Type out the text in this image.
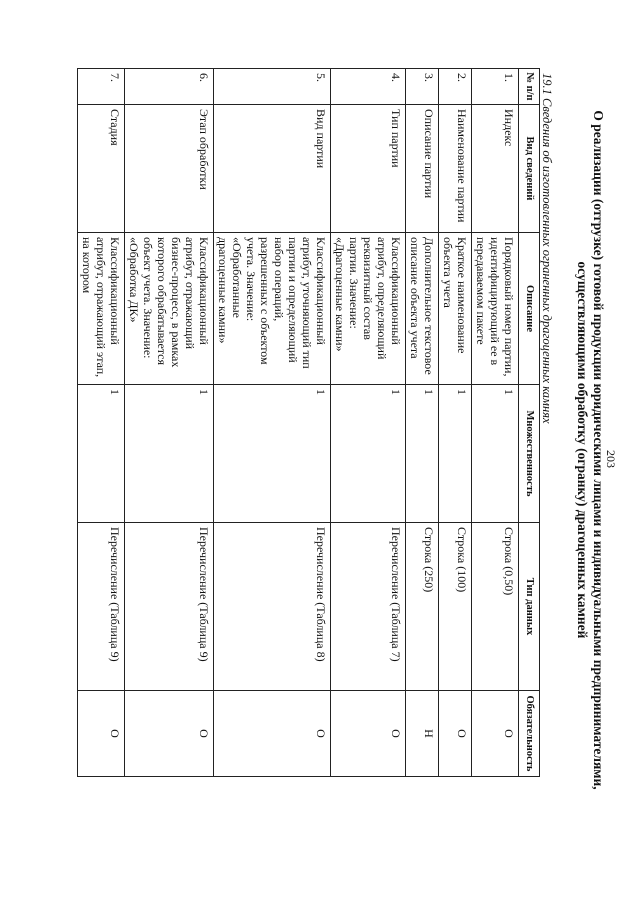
203
О реализации (отгрузке) готовой продукции юридическими лицами и индивидуальными предпринимателями, осуществляющими обработку (огранку) драгоценных камней
19.1 Сведения об изготовленных ограненных драгоценных камнях
№ п/п	Вид сведений	Описание	Множественность	Тип данных	Обязательность
1.	Индекс	Порядковый номер партии, идентифицирующий ее в передаваемом пакете	1	Строка (0,50)	О
2.	Наименование партии	Краткое наименование объекта учета	1	Строка (100)	О
3.	Описание партии	Дополнительное текстовое описание объекта учета	1	Строка (250)	Н
4.	Тип партии	Классификационный атрибут, определяющий реквизитный состав партии. Значение: «Драгоценные камни»	1	Перечисление (Таблица 7)	О
5.	Вид партии	Классификационный атрибут, уточняющий тип партии и определяющий набор операций, разрешенных с объектом учета. Значение: «Обработанные драгоценные камни»	1	Перечисление (Таблица 8)	О
6.	Этап обработки	Классификационный атрибут, отражающий бизнес-процесс, в рамках которого обрабатывается объект учета. Значение: «Обработка ДК»	1	Перечисление (Таблица 9)	О
7.	Стадия	Классификационный атрибут, отражающий этап, на котором	1	Перечисление (Таблица 9)	О
